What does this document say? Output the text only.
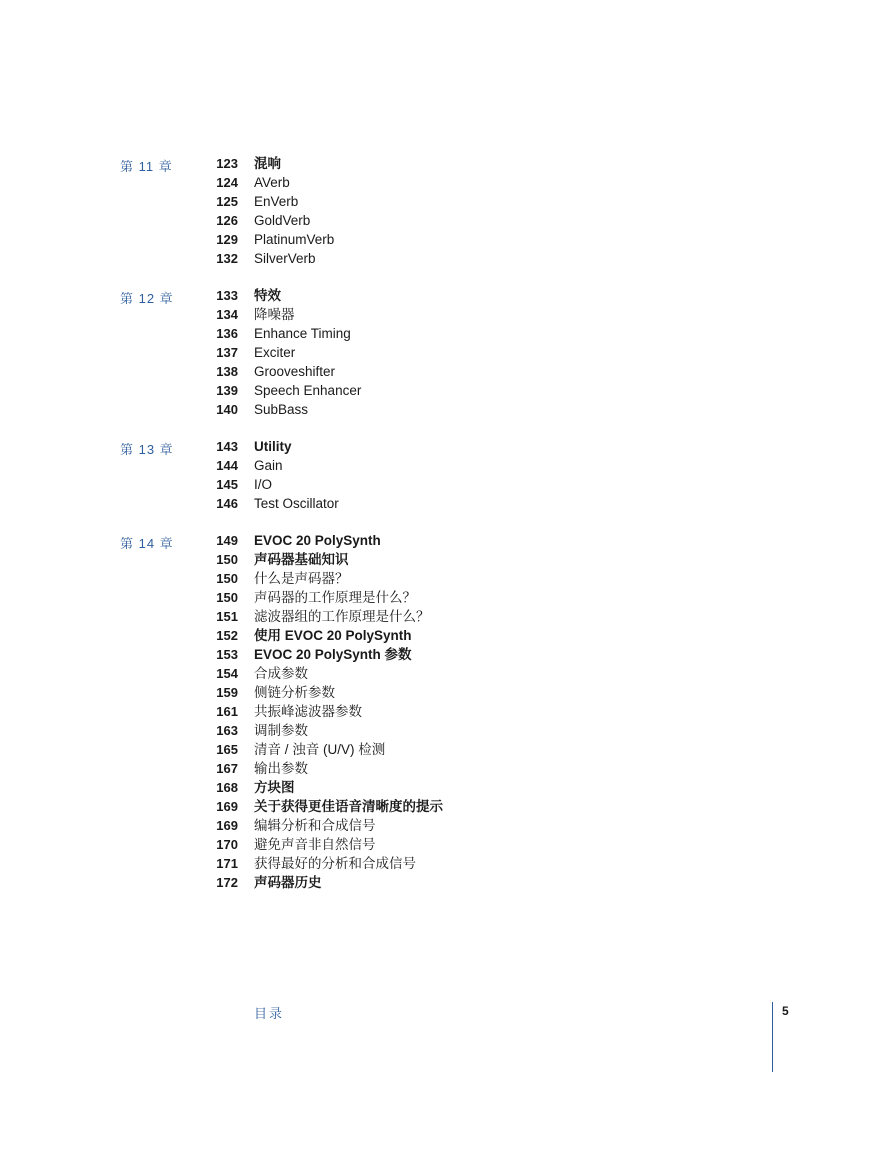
第 11 章	123 混响
124 AVerb
125 EnVerb
126 GoldVerb
129 PlatinumVerb
132 SilverVerb
第 12 章	133 特效
134 降噪器
136 Enhance Timing
137 Exciter
138 Grooveshifter
139 Speech Enhancer
140 SubBass
第 13 章	143 Utility
144 Gain
145 I/O
146 Test Oscillator
第 14 章	149 EVOC 20 PolySynth
150 声码器基础知识
150 什么是声码器？
150 声码器的工作原理是什么？
151 滤波器组的工作原理是什么？
152 使用 EVOC 20 PolySynth
153 EVOC 20 PolySynth 参数
154 合成参数
159 侧链分析参数
161 共振峰滤波器参数
163 调制参数
165 清音 / 浊音 (U/V) 检测
167 输出参数
168 方块图
169 关于获得更佳语音清晰度的提示
169 编辑分析和合成信号
170 避免声音非自然信号
171 获得最好的分析和合成信号
172 声码器历史
目录	5
